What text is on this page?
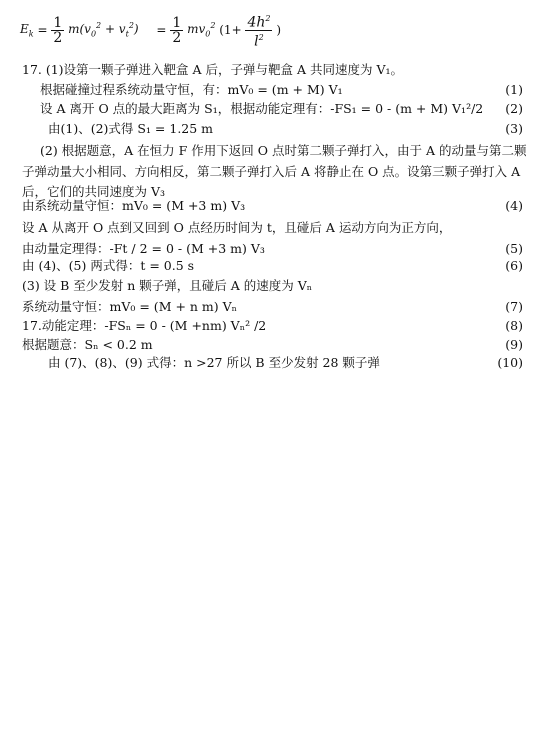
$E_k = \frac{1}{2} m(v_0^2 + v_t^2) = \frac{1}{2} mv_0^2$ ($1+ \frac{4h^2}{l^2}$ )
17. (1)设第一颗子弹进入靶盒 A 后，子弹与靶盒 A 共同速度为 V₁。
根据碰撞过程系统动量守恒，有：mV₀ = (m + M) V₁	(1)
设 A 离开 O 点的最大距离为 S₁，根据动能定理有：-FS₁ = 0 - (m + M) V₁²/2 (2)
由(1)、(2)式得 S₁ = 1.25 m	(3)
(2) 根据题意，A 在恒力 F 作用下返回 O 点时第二颗子弹打入，由于 A 的动量与第二颗
子弹动量大小相同、方向相反，第二颗子弹打入后 A 将静止在 O 点。设第三颗子弹打入 A
后，它们的共同速度为 V₃
由系统动量守恒：mV₀ = (M +3 m) V₃	(4)
设 A 从离开 O 点到又回到 O 点经历时间为 t，且碰后 A 运动方向为正方向，
由动量定理得：-Ft / 2 = 0 - (M +3 m) V₃	(5)
由 (4)、(5) 两式得：t = 0.5 s	(6)
(3) 设 B 至少发射 n 颗子弹，且碰后 A 的速度为 Vₙ
系统动量守恒：mV₀ = (M + n m) Vₙ	(7)
17.动能定理：-FSₙ = 0 - (M +nm) Vₙ² /2	(8)
根据题意：Sₙ < 0.2 m	(9)
由 (7)、(8)、(9) 式得：n >27 所以 B 至少发射 28 颗子弹	(10)
